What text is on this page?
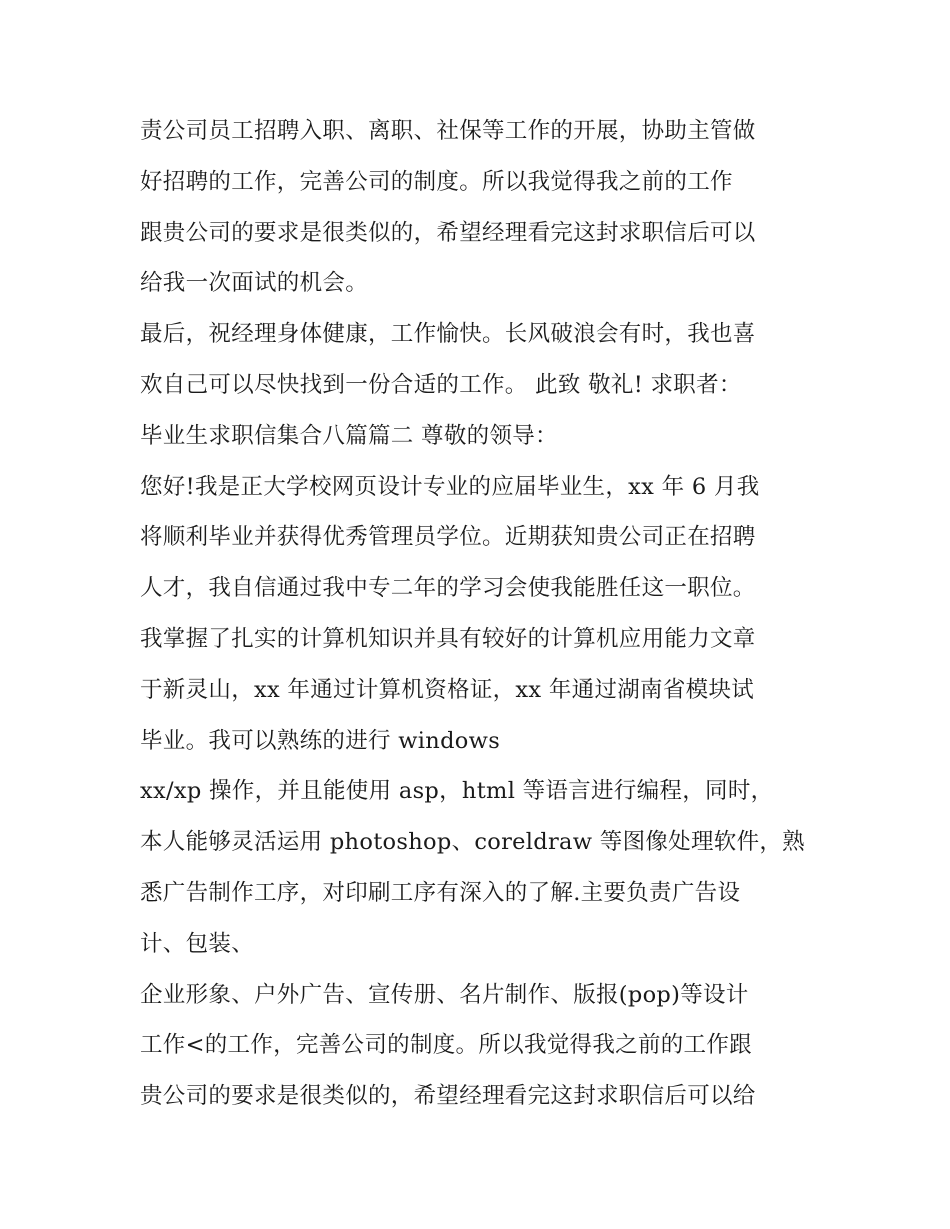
责公司员工招聘入职、离职、社保等工作的开展，协助主管做
好招聘的工作，完善公司的制度。所以我觉得我之前的工作
跟贵公司的要求是很类似的，希望经理看完这封求职信后可以
给我一次面试的机会。
最后，祝经理身体健康，工作愉快。长风破浪会有时，我也喜
欢自己可以尽快找到一份合适的工作。 此致 敬礼! 求职者：
毕业生求职信集合八篇篇二 尊敬的领导：
您好!我是正大学校网页设计专业的应届毕业生，xx 年 6 月我
将顺利毕业并获得优秀管理员学位。近期获知贵公司正在招聘
人才，我自信通过我中专二年的学习会使我能胜任这一职位。
我掌握了扎实的计算机知识并具有较好的计算机应用能力文章
于新灵山，xx 年通过计算机资格证，xx 年通过湖南省模块试
毕业。我可以熟练的进行 windows
xx/xp 操作，并且能使用 asp，html 等语言进行编程，同时，
本人能够灵活运用 photoshop、coreldraw 等图像处理软件，熟
悉广告制作工序，对印刷工序有深入的了解.主要负责广告设
计、包装、
企业形象、户外广告、宣传册、名片制作、版报(pop)等设计
工作<的工作，完善公司的制度。所以我觉得我之前的工作跟
贵公司的要求是很类似的，希望经理看完这封求职信后可以给
